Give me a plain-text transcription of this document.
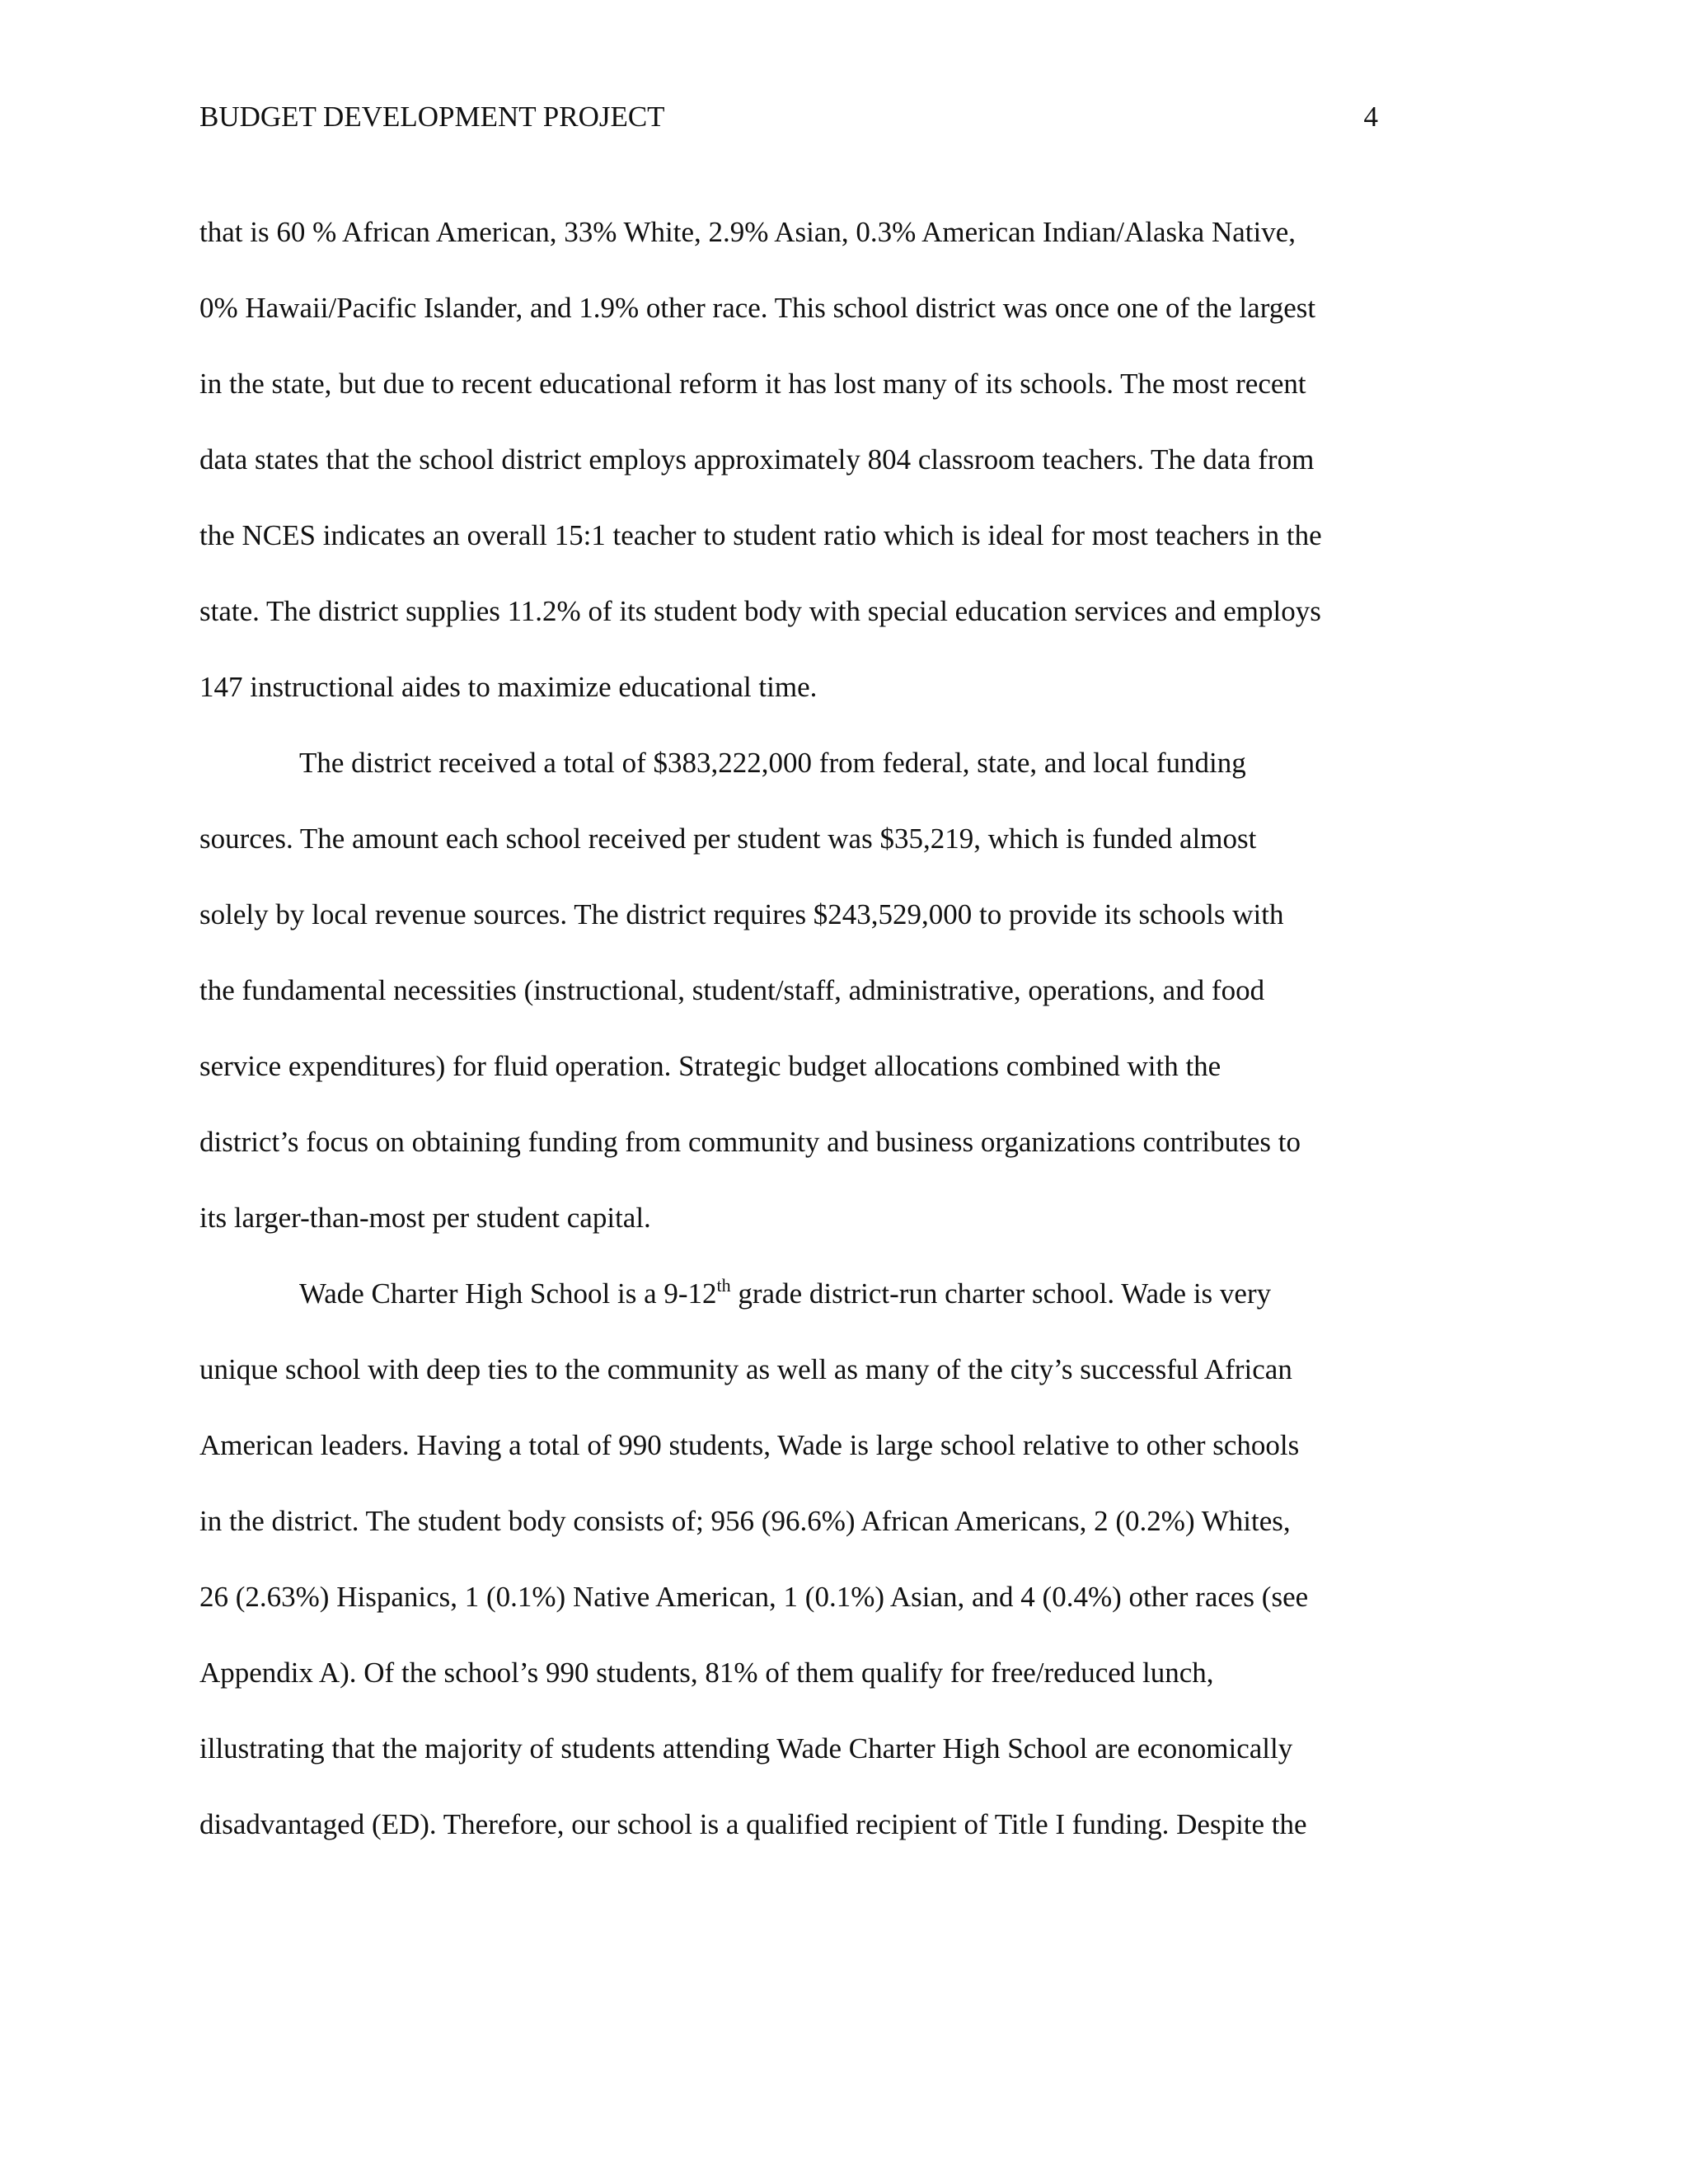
BUDGET DEVELOPMENT PROJECT	4
that is 60 % African American, 33% White, 2.9% Asian, 0.3% American Indian/Alaska Native,
0% Hawaii/Pacific Islander, and 1.9% other race. This school district was once one of the largest
in the state, but due to recent educational reform it has lost many of its schools. The most recent
data states that the school district employs approximately 804 classroom teachers. The data from
the NCES indicates an overall 15:1 teacher to student ratio which is ideal for most teachers in the
state. The district supplies 11.2% of its student body with special education services and employs
147 instructional aides to maximize educational time.
The district received a total of $383,222,000 from federal, state, and local funding
sources. The amount each school received per student was $35,219, which is funded almost
solely by local revenue sources. The district requires $243,529,000 to provide its schools with
the fundamental necessities (instructional, student/staff, administrative, operations, and food
service expenditures) for fluid operation. Strategic budget allocations combined with the
district’s focus on obtaining funding from community and business organizations contributes to
its larger-than-most per student capital.
Wade Charter High School is a 9-12th grade district-run charter school. Wade is very
unique school with deep ties to the community as well as many of the city’s successful African
American leaders. Having a total of 990 students, Wade is large school relative to other schools
in the district. The student body consists of; 956 (96.6%) African Americans, 2 (0.2%) Whites,
26 (2.63%) Hispanics, 1 (0.1%) Native American, 1 (0.1%) Asian, and 4 (0.4%) other races (see
Appendix A). Of the school’s 990 students, 81% of them qualify for free/reduced lunch,
illustrating that the majority of students attending Wade Charter High School are economically
disadvantaged (ED). Therefore, our school is a qualified recipient of Title I funding. Despite the
